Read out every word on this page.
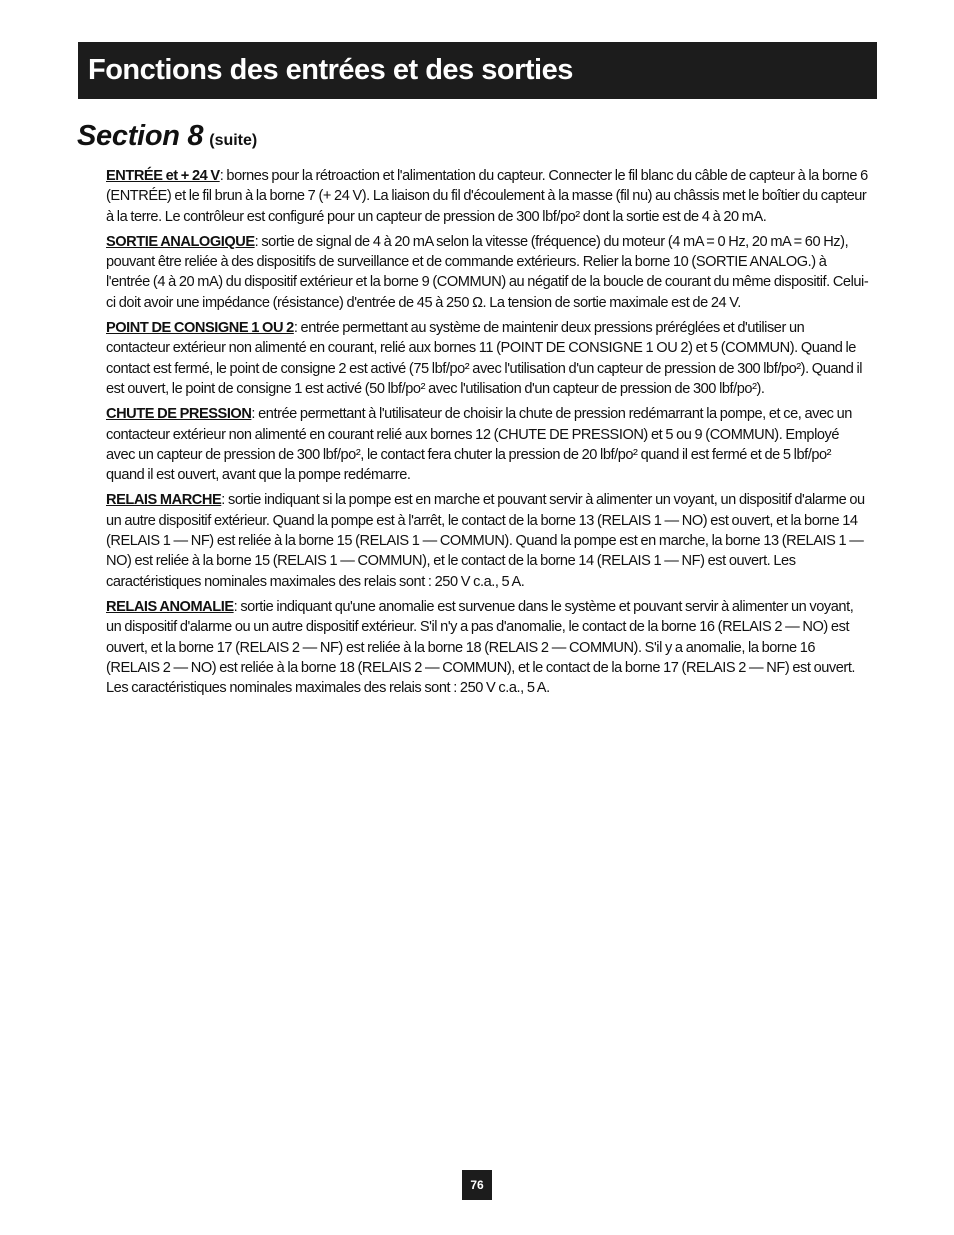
Fonctions des entrées et des sorties
Section 8 (suite)

ENTRÉE et + 24 V: bornes pour la rétroaction et l'alimentation du capteur. Connecter le fil blanc du câble de capteur à la borne 6 (ENTRÉE) et le fil brun à la borne 7 (+ 24 V). La liaison du fil d'écoulement à la masse (fil nu) au châssis met le boîtier du capteur à la terre. Le contrôleur est configuré pour un capteur de pression de 300 lbf/po² dont la sortie est de 4 à 20 mA.

SORTIE ANALOGIQUE: sortie de signal de 4 à 20 mA selon la vitesse (fréquence) du moteur (4 mA = 0 Hz, 20 mA = 60 Hz), pouvant être reliée à des dispositifs de surveillance et de commande extérieurs. Relier la borne 10 (SORTIE ANALOG.) à l'entrée (4 à 20 mA) du dispositif extérieur et la borne 9 (COMMUN) au négatif de la boucle de courant du même dispositif. Celui-ci doit avoir une impédance (résistance) d'entrée de 45 à 250 Ω. La tension de sortie maximale est de 24 V.

POINT DE CONSIGNE 1 OU 2: entrée permettant au système de maintenir deux pressions préréglées et d'utiliser un contacteur extérieur non alimenté en courant, relié aux bornes 11 (POINT DE CONSIGNE 1 OU 2) et 5 (COMMUN). Quand le contact est fermé, le point de consigne 2 est activé (75 lbf/po² avec l'utilisation d'un capteur de pression de 300 lbf/po²). Quand il est ouvert, le point de consigne 1 est activé (50 lbf/po² avec l'utilisation d'un capteur de pression de 300 lbf/po²).

CHUTE DE PRESSION: entrée permettant à l'utilisateur de choisir la chute de pression redémarrant la pompe, et ce, avec un contacteur extérieur non alimenté en courant relié aux bornes 12 (CHUTE DE PRESSION) et 5 ou 9 (COMMUN). Employé avec un capteur de pression de 300 lbf/po², le contact fera chuter la pression de 20 lbf/po² quand il est fermé et de 5 lbf/po² quand il est ouvert, avant que la pompe redémarre.

RELAIS MARCHE: sortie indiquant si la pompe est en marche et pouvant servir à alimenter un voyant, un dispositif d'alarme ou un autre dispositif extérieur. Quand la pompe est à l'arrêt, le contact de la borne 13 (RELAIS 1 — NO) est ouvert, et la borne 14 (RELAIS 1 — NF) est reliée à la borne 15 (RELAIS 1 — COMMUN). Quand la pompe est en marche, la borne 13 (RELAIS 1 — NO) est reliée à la borne 15 (RELAIS 1 — COMMUN), et le contact de la borne 14 (RELAIS 1 — NF) est ouvert. Les caractéristiques nominales maximales des relais sont : 250 V c.a., 5 A.

RELAIS ANOMALIE: sortie indiquant qu'une anomalie est survenue dans le système et pouvant servir à alimenter un voyant, un dispositif d'alarme ou un autre dispositif extérieur. S'il n'y a pas d'anomalie, le contact de la borne 16 (RELAIS 2 — NO) est ouvert, et la borne 17 (RELAIS 2 — NF) est reliée à la borne 18 (RELAIS 2 — COMMUN). S'il y a anomalie, la borne 16 (RELAIS 2 — NO) est reliée à la borne 18 (RELAIS 2 — COMMUN), et le contact de la borne 17 (RELAIS 2 — NF) est ouvert. Les caractéristiques nominales maximales des relais sont : 250 V c.a., 5 A.

76
